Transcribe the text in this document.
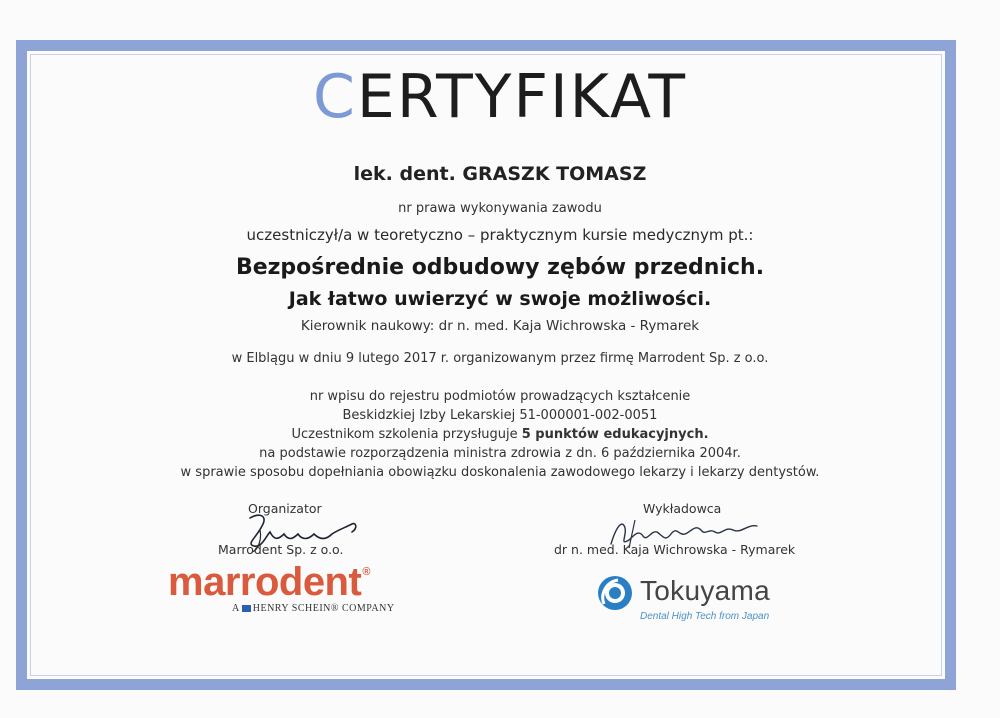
CERTYFIKAT
lek. dent. GRASZK TOMASZ
nr prawa wykonywania zawodu
uczestniczył/a w teoretyczno – praktycznym kursie medycznym pt.:
Bezpośrednie odbudowy zębów przednich.
Jak łatwo uwierzyć w swoje możliwości.
Kierownik naukowy: dr n. med. Kaja Wichrowska - Rymarek
w Elblągu w dniu 9 lutego 2017 r. organizowanym przez firmę Marrodent Sp. z o.o.
nr wpisu do rejestru podmiotów prowadzących kształcenie
Beskidzkiej Izby Lekarskiej 51-000001-002-0051
Uczestnikom szkolenia przysługuje 5 punktów edukacyjnych.
na podstawie rozporządzenia ministra zdrowia z dn. 6 października 2004r.
w sprawie sposobu dopełniania obowiązku doskonalenia zawodowego lekarzy i lekarzy dentystów.
Organizator
Marrodent Sp. z o.o.
marrodent®
A HENRY SCHEIN® COMPANY
Wykładowca
dr n. med. Kaja Wichrowska - Rymarek
Tokuyama
Dental High Tech from Japan
